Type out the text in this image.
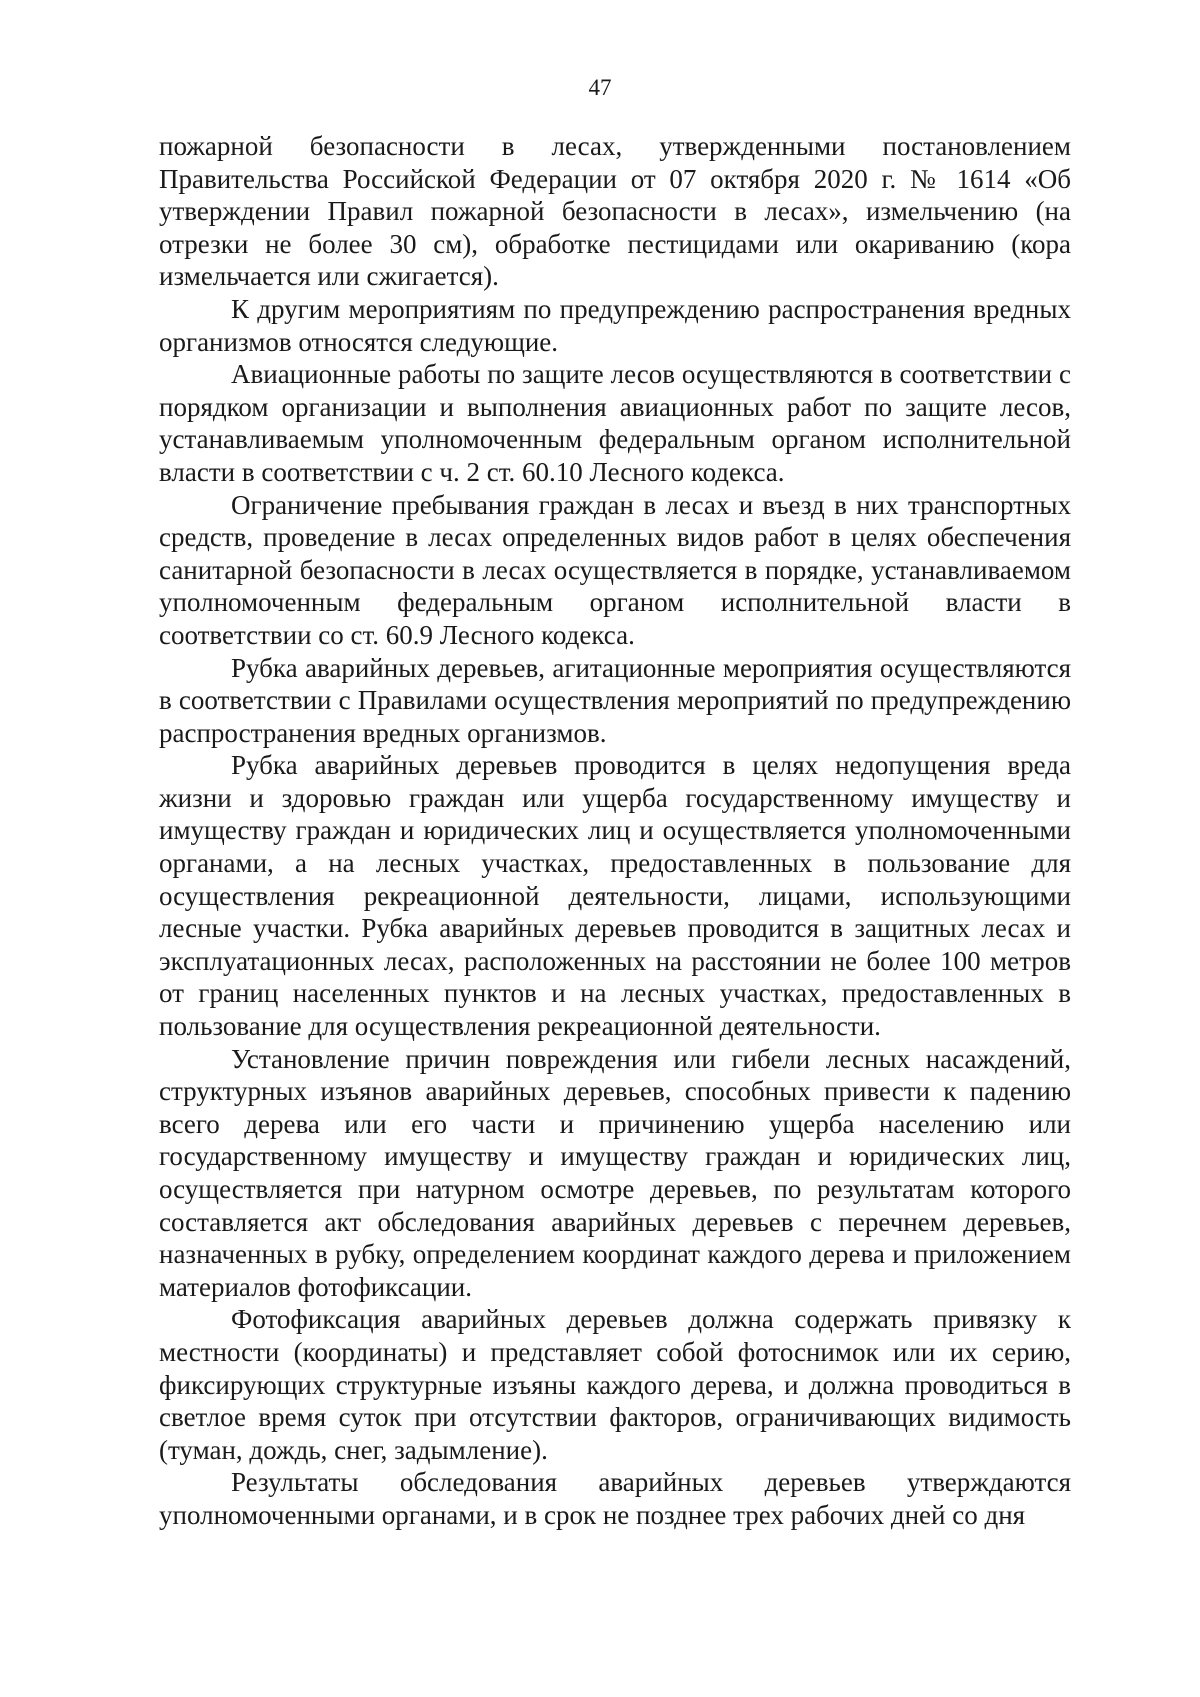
47

пожарной безопасности в лесах, утвержденными постановлением Правительства Российской Федерации от 07 октября 2020 г. № 1614 «Об утверждении Правил пожарной безопасности в лесах», измельчению (на отрезки не более 30 см), обработке пестицидами или окариванию (кора измельчается или сжигается).

К другим мероприятиям по предупреждению распространения вредных организмов относятся следующие.

Авиационные работы по защите лесов осуществляются в соответствии с порядком организации и выполнения авиационных работ по защите лесов, устанавливаемым уполномоченным федеральным органом исполнительной власти в соответствии с ч. 2 ст. 60.10 Лесного кодекса.

Ограничение пребывания граждан в лесах и въезд в них транспортных средств, проведение в лесах определенных видов работ в целях обеспечения санитарной безопасности в лесах осуществляется в порядке, устанавливаемом уполномоченным федеральным органом исполнительной власти в соответствии со ст. 60.9 Лесного кодекса.

Рубка аварийных деревьев, агитационные мероприятия осуществляются в соответствии с Правилами осуществления мероприятий по предупреждению распространения вредных организмов.

Рубка аварийных деревьев проводится в целях недопущения вреда жизни и здоровью граждан или ущерба государственному имуществу и имуществу граждан и юридических лиц и осуществляется уполномоченными органами, а на лесных участках, предоставленных в пользование для осуществления рекреационной деятельности, лицами, использующими лесные участки. Рубка аварийных деревьев проводится в защитных лесах и эксплуатационных лесах, расположенных на расстоянии не более 100 метров от границ населенных пунктов и на лесных участках, предоставленных в пользование для осуществления рекреационной деятельности.

Установление причин повреждения или гибели лесных насаждений, структурных изъянов аварийных деревьев, способных привести к падению всего дерева или его части и причинению ущерба населению или государственному имуществу и имуществу граждан и юридических лиц, осуществляется при натурном осмотре деревьев, по результатам которого составляется акт обследования аварийных деревьев с перечнем деревьев, назначенных в рубку, определением координат каждого дерева и приложением материалов фотофиксации.

Фотофиксация аварийных деревьев должна содержать привязку к местности (координаты) и представляет собой фотоснимок или их серию, фиксирующих структурные изъяны каждого дерева, и должна проводиться в светлое время суток при отсутствии факторов, ограничивающих видимость (туман, дождь, снег, задымление).

Результаты обследования аварийных деревьев утверждаются уполномоченными органами, и в срок не позднее трех рабочих дней со дня
